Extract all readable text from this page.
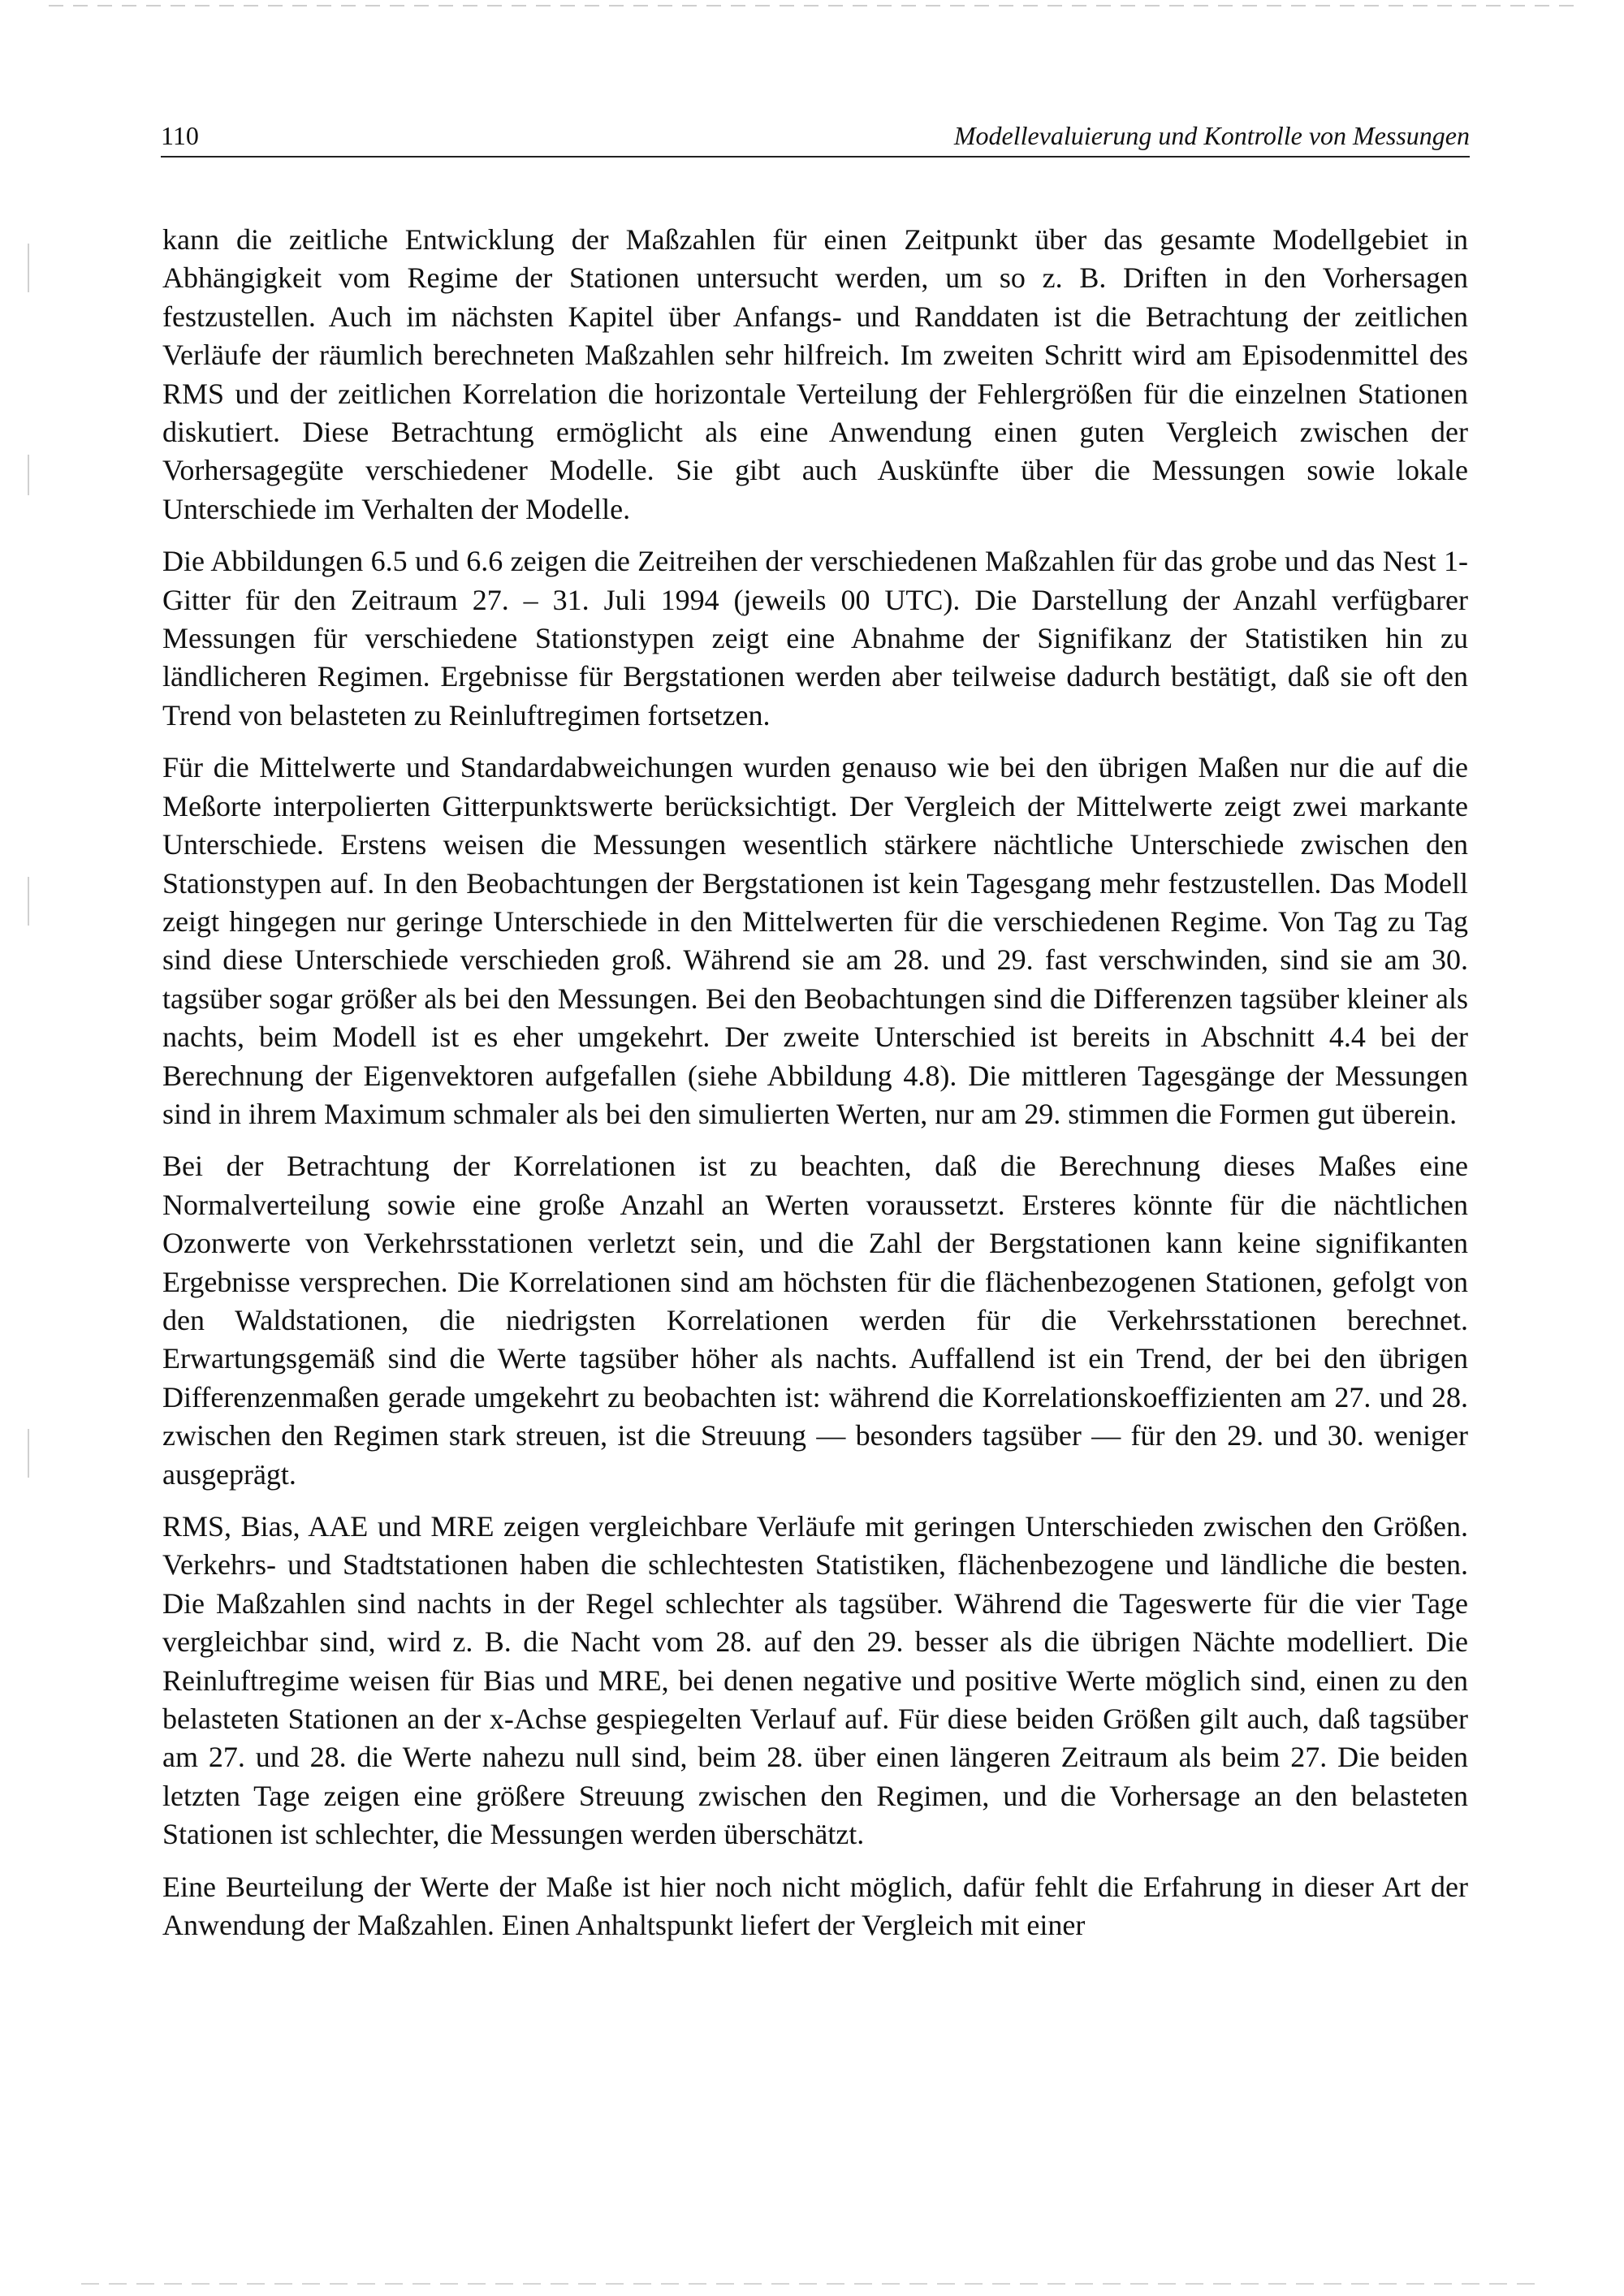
110	Modellevaluierung und Kontrolle von Messungen

kann die zeitliche Entwicklung der Maßzahlen für einen Zeitpunkt über das gesamte Modellgebiet in Abhängigkeit vom Regime der Stationen untersucht werden, um so z. B. Driften in den Vorhersagen festzustellen. Auch im nächsten Kapitel über Anfangs- und Randdaten ist die Betrachtung der zeitlichen Verläufe der räumlich berechneten Maßzahlen sehr hilfreich. Im zweiten Schritt wird am Episodenmittel des RMS und der zeitlichen Korrelation die horizontale Verteilung der Fehlergrößen für die einzelnen Stationen diskutiert. Diese Betrachtung ermöglicht als eine Anwendung einen guten Vergleich zwischen der Vorhersagegüte verschiedener Modelle. Sie gibt auch Auskünfte über die Messungen sowie lokale Unterschiede im Verhalten der Modelle.

Die Abbildungen 6.5 und 6.6 zeigen die Zeitreihen der verschiedenen Maßzahlen für das grobe und das Nest 1-Gitter für den Zeitraum 27. – 31. Juli 1994 (jeweils 00 UTC). Die Darstellung der Anzahl verfügbarer Messungen für verschiedene Stationstypen zeigt eine Abnahme der Signifikanz der Statistiken hin zu ländlicheren Regimen. Ergebnisse für Bergstationen werden aber teilweise dadurch bestätigt, daß sie oft den Trend von belasteten zu Reinluftregimen fortsetzen.

Für die Mittelwerte und Standardabweichungen wurden genauso wie bei den übrigen Maßen nur die auf die Meßorte interpolierten Gitterpunktswerte berücksichtigt. Der Vergleich der Mittelwerte zeigt zwei markante Unterschiede. Erstens weisen die Messungen wesentlich stärkere nächtliche Unterschiede zwischen den Stationstypen auf. In den Beobachtungen der Bergstationen ist kein Tagesgang mehr festzustellen. Das Modell zeigt hingegen nur geringe Unterschiede in den Mittelwerten für die verschiedenen Regime. Von Tag zu Tag sind diese Unterschiede verschieden groß. Während sie am 28. und 29. fast verschwinden, sind sie am 30. tagsüber sogar größer als bei den Messungen. Bei den Beobachtungen sind die Differenzen tagsüber kleiner als nachts, beim Modell ist es eher umgekehrt. Der zweite Unterschied ist bereits in Abschnitt 4.4 bei der Berechnung der Eigenvektoren aufgefallen (siehe Abbildung 4.8). Die mittleren Tagesgänge der Messungen sind in ihrem Maximum schmaler als bei den simulierten Werten, nur am 29. stimmen die Formen gut überein.

Bei der Betrachtung der Korrelationen ist zu beachten, daß die Berechnung dieses Maßes eine Normalverteilung sowie eine große Anzahl an Werten voraussetzt. Ersteres könnte für die nächtlichen Ozonwerte von Verkehrsstationen verletzt sein, und die Zahl der Bergstationen kann keine signifikanten Ergebnisse versprechen. Die Korrelationen sind am höchsten für die flächenbezogenen Stationen, gefolgt von den Waldstationen, die niedrigsten Korrelationen werden für die Verkehrsstationen berechnet. Erwartungsgemäß sind die Werte tagsüber höher als nachts. Auffallend ist ein Trend, der bei den übrigen Differenzenmaßen gerade umgekehrt zu beobachten ist: während die Korrelationskoeffizienten am 27. und 28. zwischen den Regimen stark streuen, ist die Streuung — besonders tagsüber — für den 29. und 30. weniger ausgeprägt.

RMS, Bias, AAE und MRE zeigen vergleichbare Verläufe mit geringen Unterschieden zwischen den Größen. Verkehrs- und Stadtstationen haben die schlechtesten Statistiken, flächenbezogene und ländliche die besten. Die Maßzahlen sind nachts in der Regel schlechter als tagsüber. Während die Tageswerte für die vier Tage vergleichbar sind, wird z. B. die Nacht vom 28. auf den 29. besser als die übrigen Nächte modelliert. Die Reinluftregime weisen für Bias und MRE, bei denen negative und positive Werte möglich sind, einen zu den belasteten Stationen an der x-Achse gespiegelten Verlauf auf. Für diese beiden Größen gilt auch, daß tagsüber am 27. und 28. die Werte nahezu null sind, beim 28. über einen längeren Zeitraum als beim 27. Die beiden letzten Tage zeigen eine größere Streuung zwischen den Regimen, und die Vorhersage an den belasteten Stationen ist schlechter, die Messungen werden überschätzt.

Eine Beurteilung der Werte der Maße ist hier noch nicht möglich, dafür fehlt die Erfahrung in dieser Art der Anwendung der Maßzahlen. Einen Anhaltspunkt liefert der Vergleich mit einer
